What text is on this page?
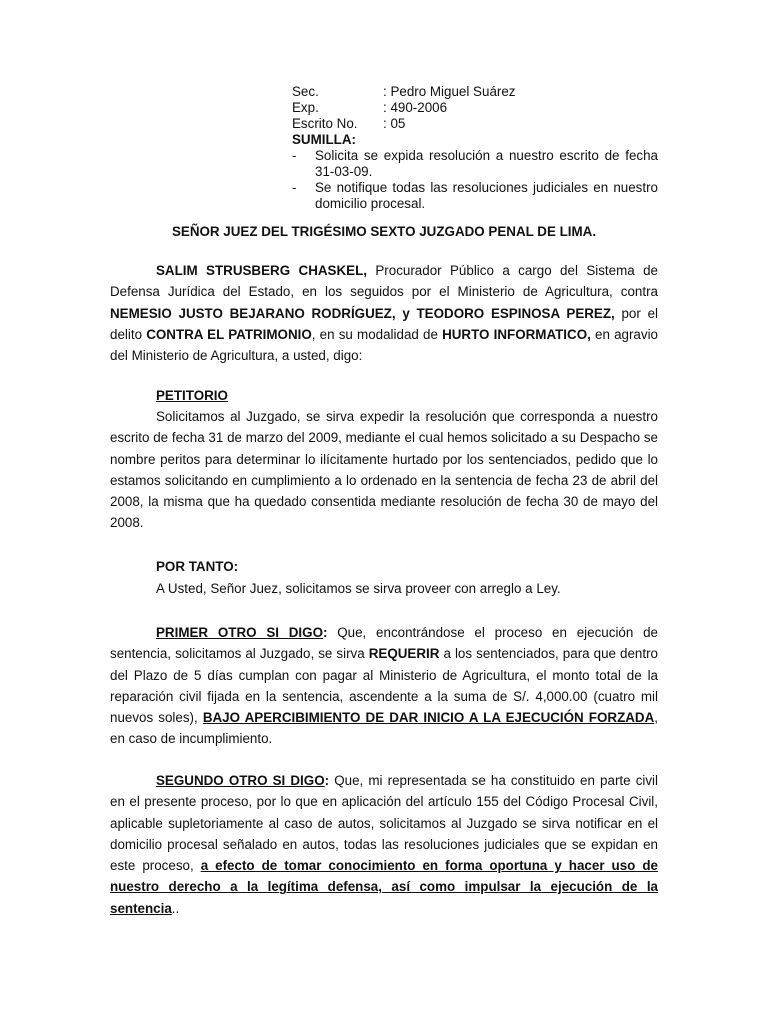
Sec.	: Pedro Miguel Suárez
Exp.	: 490-2006
Escrito No.	: 05
SUMILLA:
-	Solicita se expida resolución a nuestro escrito de fecha 31-03-09.
-	Se notifique todas las resoluciones judiciales en nuestro domicilio procesal.
SEÑOR JUEZ DEL TRIGÉSIMO SEXTO JUZGADO PENAL DE LIMA.
SALIM STRUSBERG CHASKEL, Procurador Público a cargo del Sistema de Defensa Jurídica del Estado, en los seguidos por el Ministerio de Agricultura, contra NEMESIO JUSTO BEJARANO RODRÍGUEZ, y TEODORO ESPINOSA PEREZ, por el delito CONTRA EL PATRIMONIO, en su modalidad de HURTO INFORMATICO, en agravio del Ministerio de Agricultura, a usted, digo:
PETITORIO
Solicitamos al Juzgado, se sirva expedir la resolución que corresponda a nuestro escrito de fecha 31 de marzo del 2009, mediante el cual hemos solicitado a su Despacho se nombre peritos para determinar lo ilícitamente hurtado por los sentenciados, pedido que lo estamos solicitando en cumplimiento a lo ordenado en la sentencia de fecha 23 de abril del 2008, la misma que ha quedado consentida mediante resolución de fecha 30 de mayo del 2008.
POR TANTO:
A Usted, Señor Juez, solicitamos se sirva proveer con arreglo a Ley.
PRIMER OTRO SI DIGO: Que, encontrándose el proceso en ejecución de sentencia, solicitamos al Juzgado, se sirva REQUERIR a los sentenciados, para que dentro del Plazo de 5 días cumplan con pagar al Ministerio de Agricultura, el monto total de la reparación civil fijada en la sentencia, ascendente a la suma de S/. 4,000.00 (cuatro mil nuevos soles), BAJO APERCIBIMIENTO DE DAR INICIO A LA EJECUCIÓN FORZADA, en caso de incumplimiento.
SEGUNDO OTRO SI DIGO: Que, mi representada se ha constituido en parte civil en el presente proceso, por lo que en aplicación del artículo 155 del Código Procesal Civil, aplicable supletoriamente al caso de autos, solicitamos al Juzgado se sirva notificar en el domicilio procesal señalado en autos, todas las resoluciones judiciales que se expidan en este proceso, a efecto de tomar conocimiento en forma oportuna y hacer uso de nuestro derecho a la legítima defensa, así como impulsar la ejecución de la sentencia..
